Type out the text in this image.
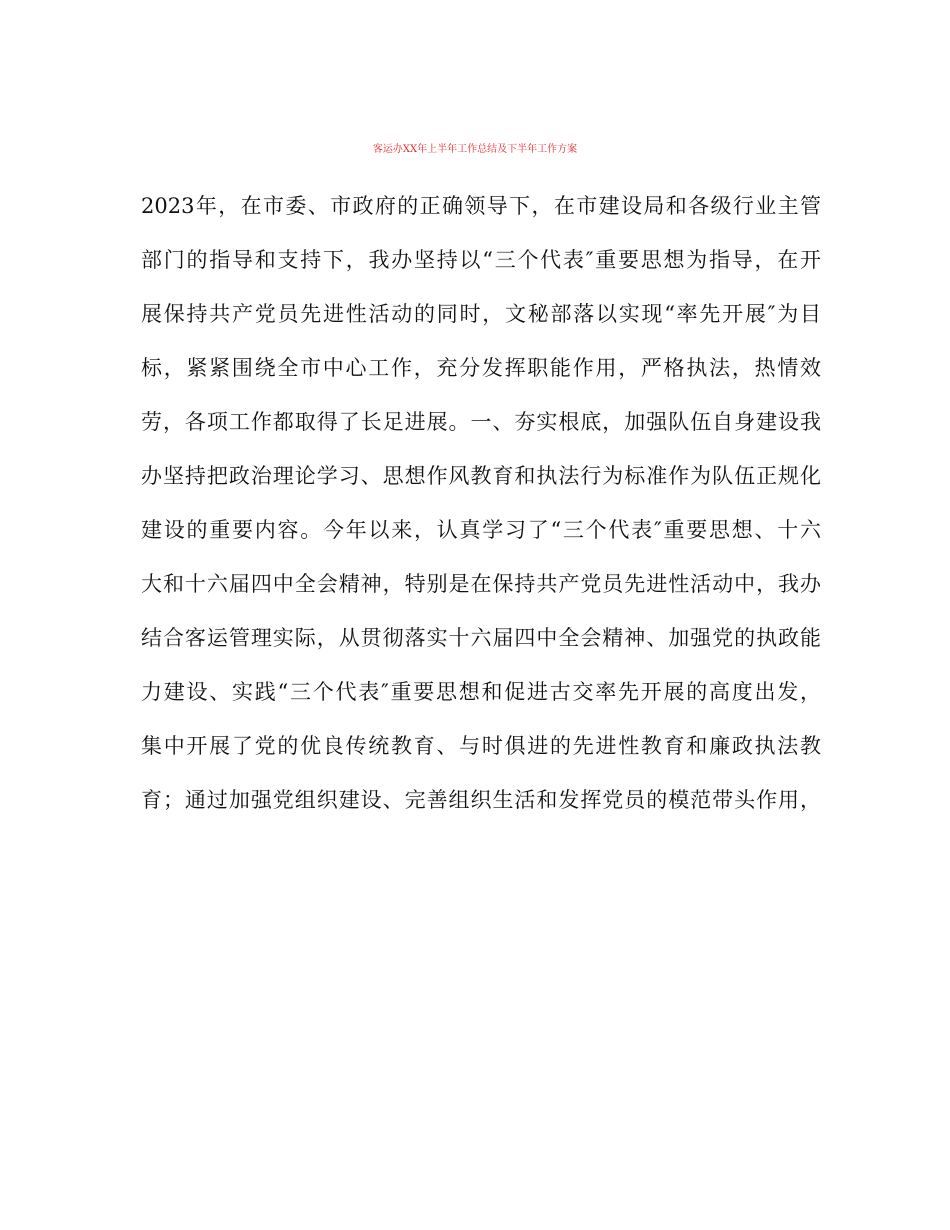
客运办XX年上半年工作总结及下半年工作方案
2023年，在市委、市政府的正确领导下，在市建设局和各级行业主管
部门的指导和支持下，我办坚持以“三个代表″重要思想为指导，在开
展保持共产党员先进性活动的同时，文秘部落以实现“率先开展″为目
标，紧紧围绕全市中心工作，充分发挥职能作用，严格执法，热情效
劳，各项工作都取得了长足进展。一、夯实根底，加强队伍自身建设我
办坚持把政治理论学习、思想作风教育和执法行为标准作为队伍正规化
建设的重要内容。今年以来，认真学习了“三个代表″重要思想、十六
大和十六届四中全会精神，特别是在保持共产党员先进性活动中，我办
结合客运管理实际，从贯彻落实十六届四中全会精神、加强党的执政能
力建设、实践“三个代表″重要思想和促进古交率先开展的高度出发，
集中开展了党的优良传统教育、与时俱进的先进性教育和廉政执法教
育；通过加强党组织建设、完善组织生活和发挥党员的模范带头作用，
